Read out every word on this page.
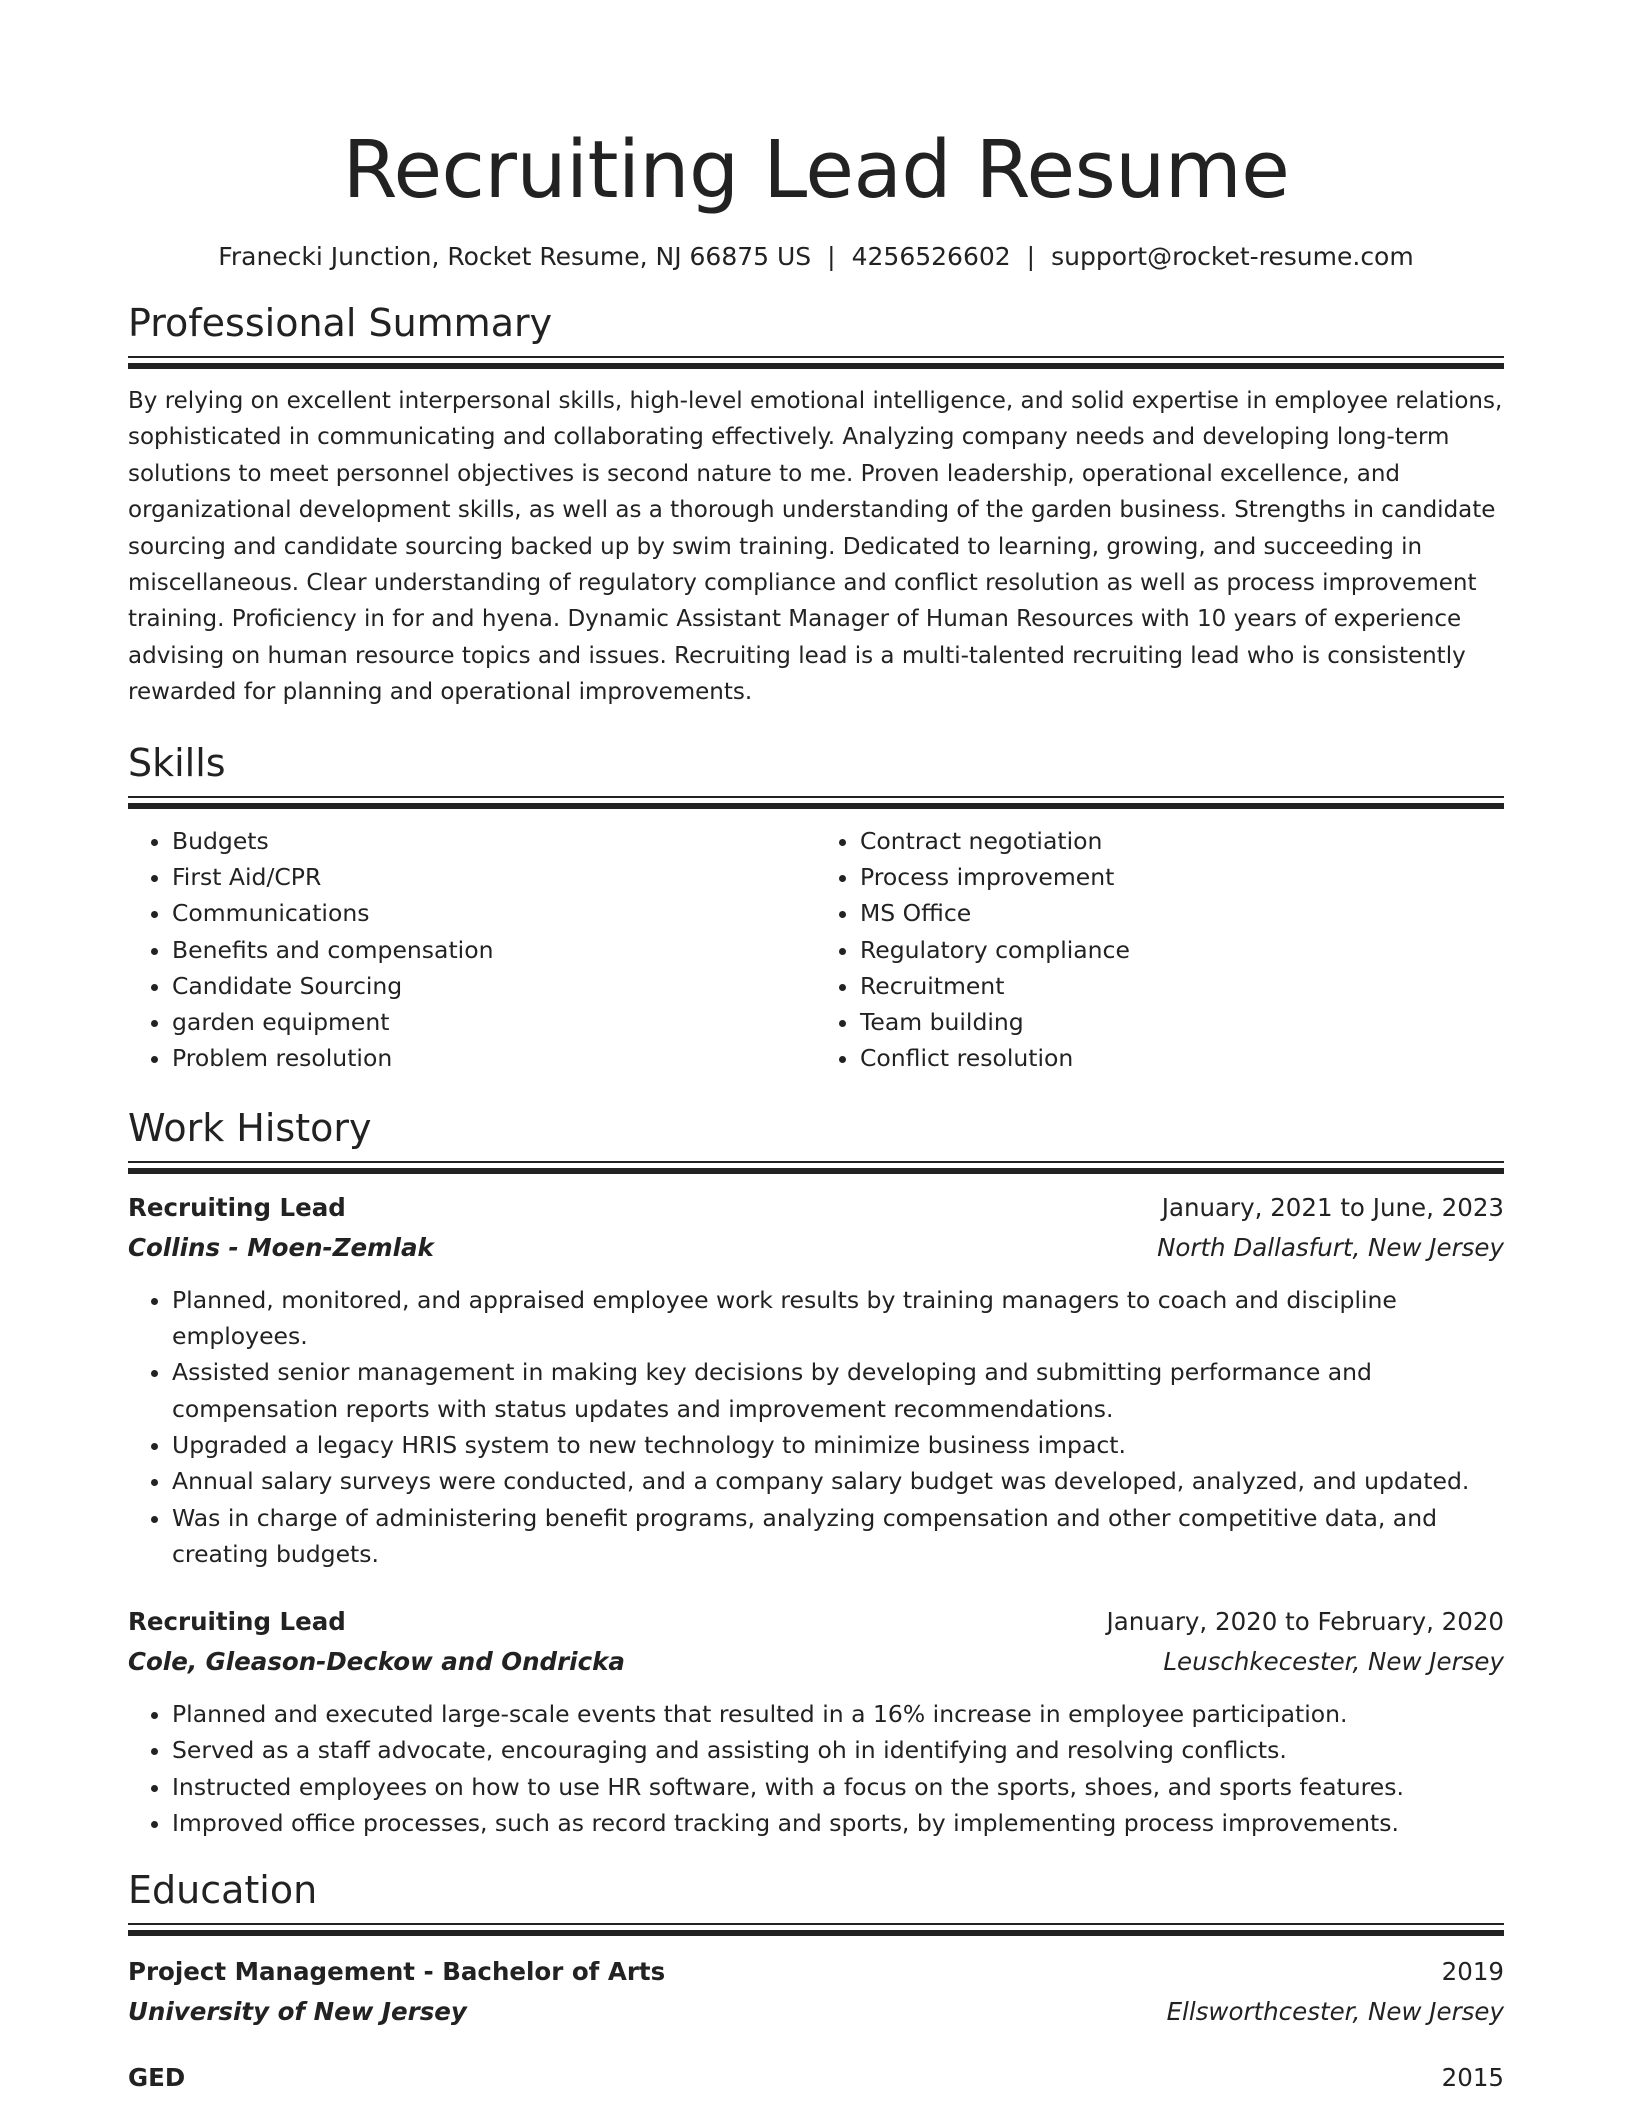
Recruiting Lead Resume
Franecki Junction, Rocket Resume, NJ 66875 US | 4256526602 | support@rocket-resume.com
Professional Summary

By relying on excellent interpersonal skills, high-level emotional intelligence, and solid expertise in employee relations, sophisticated in communicating and collaborating effectively. Analyzing company needs and developing long-term solutions to meet personnel objectives is second nature to me. Proven leadership, operational excellence, and organizational development skills, as well as a thorough understanding of the garden business. Strengths in candidate sourcing and candidate sourcing backed up by swim training. Dedicated to learning, growing, and succeeding in miscellaneous. Clear understanding of regulatory compliance and conflict resolution as well as process improvement training. Proficiency in for and hyena. Dynamic Assistant Manager of Human Resources with 10 years of experience advising on human resource topics and issues. Recruiting lead is a multi-talented recruiting lead who is consistently rewarded for planning and operational improvements.

Skills
• Budgets
• First Aid/CPR
• Communications
• Benefits and compensation
• Candidate Sourcing
• garden equipment
• Problem resolution
• Contract negotiation
• Process improvement
• MS Office
• Regulatory compliance
• Recruitment
• Team building
• Conflict resolution
Work History
Recruiting Lead	January, 2021 to June, 2023
Collins - Moen-Zemlak	North Dallasfurt, New Jersey
• Planned, monitored, and appraised employee work results by training managers to coach and discipline employees.
• Assisted senior management in making key decisions by developing and submitting performance and compensation reports with status updates and improvement recommendations.
• Upgraded a legacy HRIS system to new technology to minimize business impact.
• Annual salary surveys were conducted, and a company salary budget was developed, analyzed, and updated.
• Was in charge of administering benefit programs, analyzing compensation and other competitive data, and creating budgets.
Recruiting Lead	January, 2020 to February, 2020
Cole, Gleason-Deckow and Ondricka	Leuschkecester, New Jersey
• Planned and executed large-scale events that resulted in a 16% increase in employee participation.
• Served as a staff advocate, encouraging and assisting oh in identifying and resolving conflicts.
• Instructed employees on how to use HR software, with a focus on the sports, shoes, and sports features.
• Improved office processes, such as record tracking and sports, by implementing process improvements.
Education
Project Management - Bachelor of Arts	2019
University of New Jersey	Ellsworthcester, New Jersey
GED	2015
